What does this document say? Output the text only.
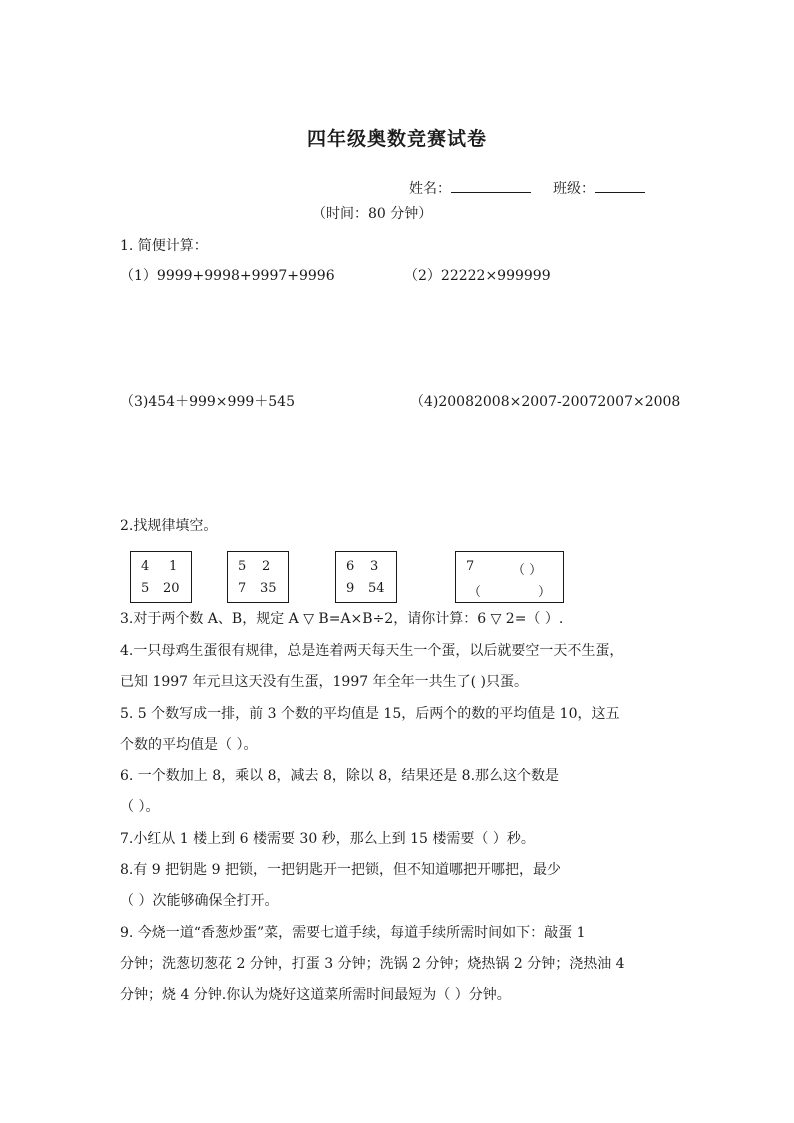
四年级奥数竞赛试卷
姓名：	班级：
（时间：80 分钟）
1. 简便计算：
（1）9999+9998+9997+9996	（2）22222×999999
（3)454＋999×999＋545	（4)20082008×2007-20072007×2008
2.找规律填空。
4 1
5 20
5 2
7 35
6 3
9 54
7	（ ）
（	）
3.对于两个数 A、B，规定 A ▽ B=A×B÷2，请你计算：6 ▽ 2=（ ）.
4.一只母鸡生蛋很有规律，总是连着两天每天生一个蛋，以后就要空一天不生蛋，
已知 1997 年元旦这天没有生蛋，1997 年全年一共生了( )只蛋。
5. 5 个数写成一排，前 3 个数的平均值是 15，后两个的数的平均值是 10，这五
个数的平均值是（ ）。
6. 一个数加上 8，乘以 8，减去 8，除以 8，结果还是 8.那么这个数是
（ ）。
7.小红从 1 楼上到 6 楼需要 30 秒，那么上到 15 楼需要（ ）秒。
8.有 9 把钥匙 9 把锁，一把钥匙开一把锁，但不知道哪把开哪把，最少
（ ）次能够确保全打开。
9. 今烧一道“香葱炒蛋”菜，需要七道手续，每道手续所需时间如下：敲蛋 1
分钟；洗葱切葱花 2 分钟，打蛋 3 分钟；洗锅 2 分钟；烧热锅 2 分钟；浇热油 4
分钟；烧 4 分钟.你认为烧好这道菜所需时间最短为（ ）分钟。
